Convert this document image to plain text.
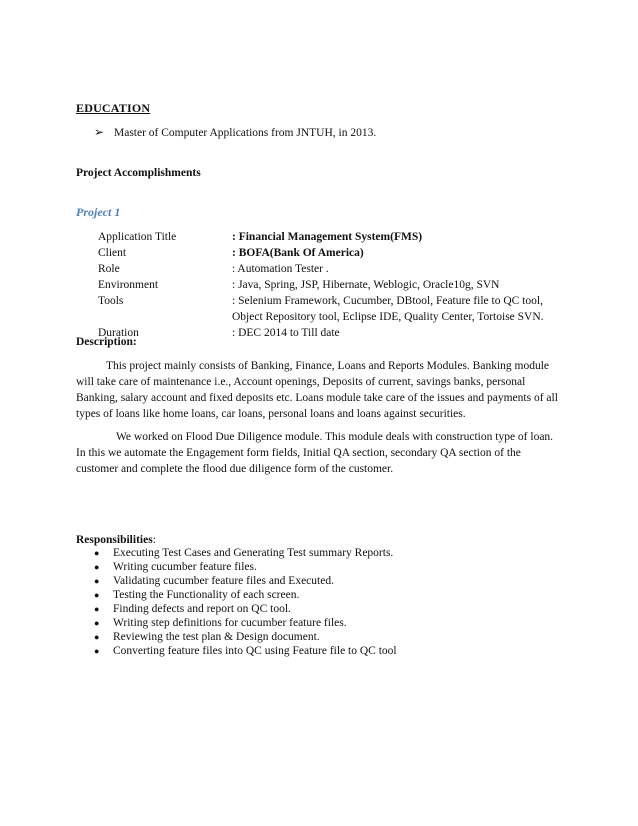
EDUCATION
➢ Master of Computer Applications from JNTUH, in 2013.
Project Accomplishments
Project 1
Application Title	: Financial Management System(FMS)
Client	: BOFA(Bank Of America)
Role	: Automation Tester .
Environment	: Java, Spring, JSP, Hibernate, Weblogic, Oracle10g, SVN
Tools	: Selenium Framework, Cucumber, DBtool, Feature file to QC tool,
Object Repository tool, Eclipse IDE, Quality Center, Tortoise SVN.
Duration	: DEC 2014 to Till date
Description:
This project mainly consists of Banking, Finance, Loans and Reports Modules. Banking module will take care of maintenance i.e., Account openings, Deposits of current, savings banks, personal Banking, salary account and fixed deposits etc. Loans module take care of the issues and payments of all types of loans like home loans, car loans, personal loans and loans against securities.
We worked on Flood Due Diligence module. This module deals with construction type of loan. In this we automate the Engagement form fields, Initial QA section, secondary QA section of the customer and complete the flood due diligence form of the customer.
Responsibilities:
●	Executing Test Cases and Generating Test summary Reports.
●	Writing cucumber feature files.
●	Validating cucumber feature files and Executed.
●	Testing the Functionality of each screen.
●	Finding defects and report on QC tool.
●	Writing step definitions for cucumber feature files.
●	Reviewing the test plan & Design document.
●	Converting feature files into QC using Feature file to QC tool
